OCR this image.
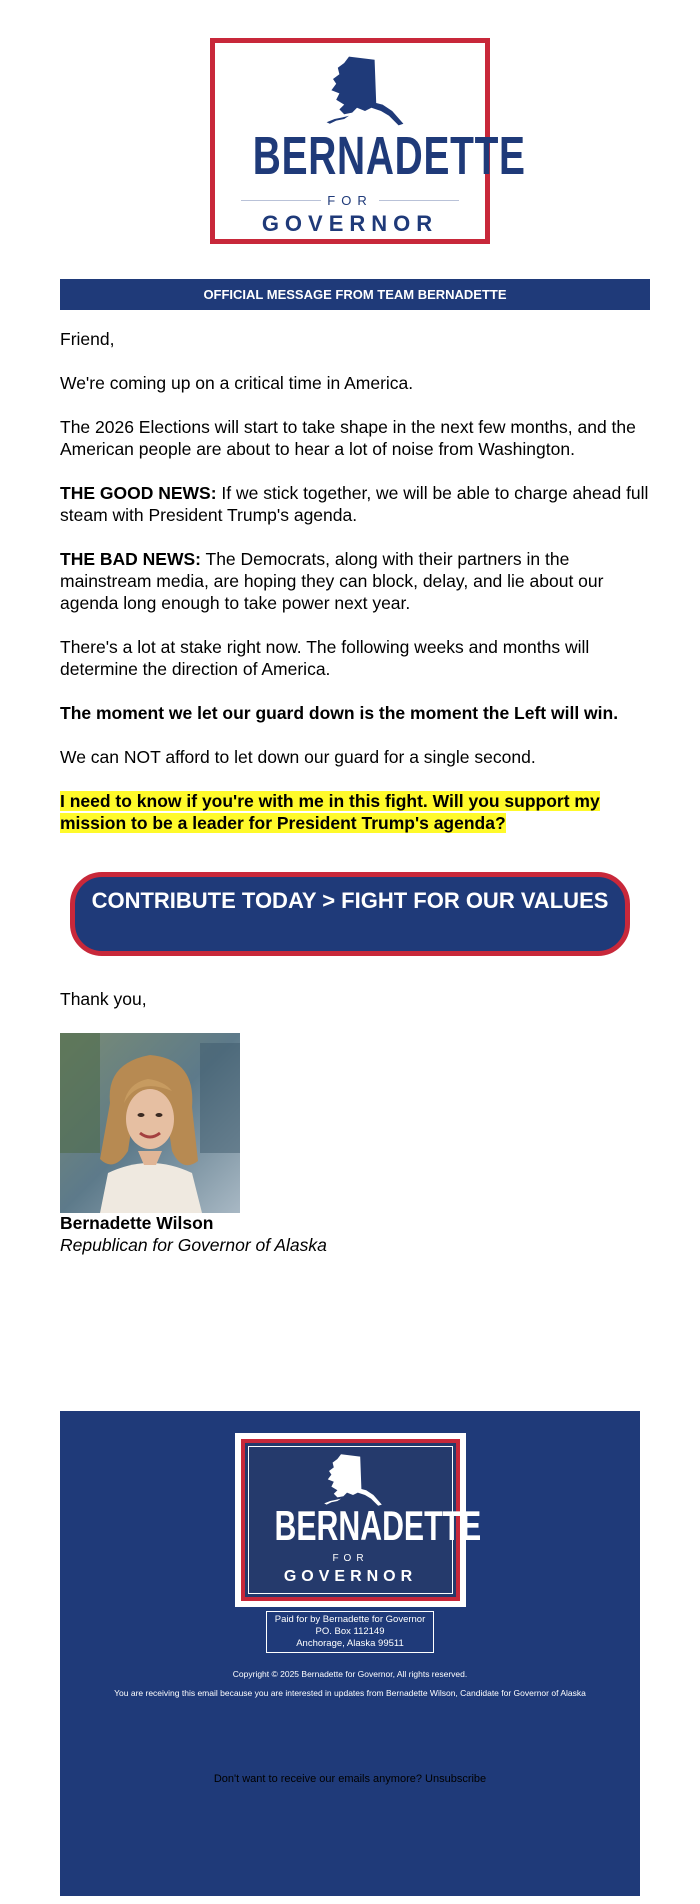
BERNADETTE
FOR
GOVERNOR
OFFICIAL MESSAGE FROM TEAM BERNADETTE

Friend,

We're coming up on a critical time in America.

The 2026 Elections will start to take shape in the next few months, and the American people are about to hear a lot of noise from Washington.

THE GOOD NEWS: If we stick together, we will be able to charge ahead full steam with President Trump's agenda.

THE BAD NEWS: The Democrats, along with their partners in the mainstream media, are hoping they can block, delay, and lie about our agenda long enough to take power next year.

There's a lot at stake right now. The following weeks and months will determine the direction of America.

The moment we let our guard down is the moment the Left will win.

We can NOT afford to let down our guard for a single second.

I need to know if you're with me in this fight. Will you support my mission to be a leader for President Trump's agenda?

CONTRIBUTE TODAY > FIGHT FOR OUR VALUES
Thank you,
Bernadette Wilson
Republican for Governor of Alaska
BERNADETTE
FOR
GOVERNOR
Paid for by Bernadette for Governor
PO. Box 112149
Anchorage, Alaska 99511
Copyright © 2025 Bernadette for Governor, All rights reserved.
You are receiving this email because you are interested in updates from Bernadette Wilson, Candidate for Governor of Alaska
Don't want to receive our emails anymore? Unsubscribe
